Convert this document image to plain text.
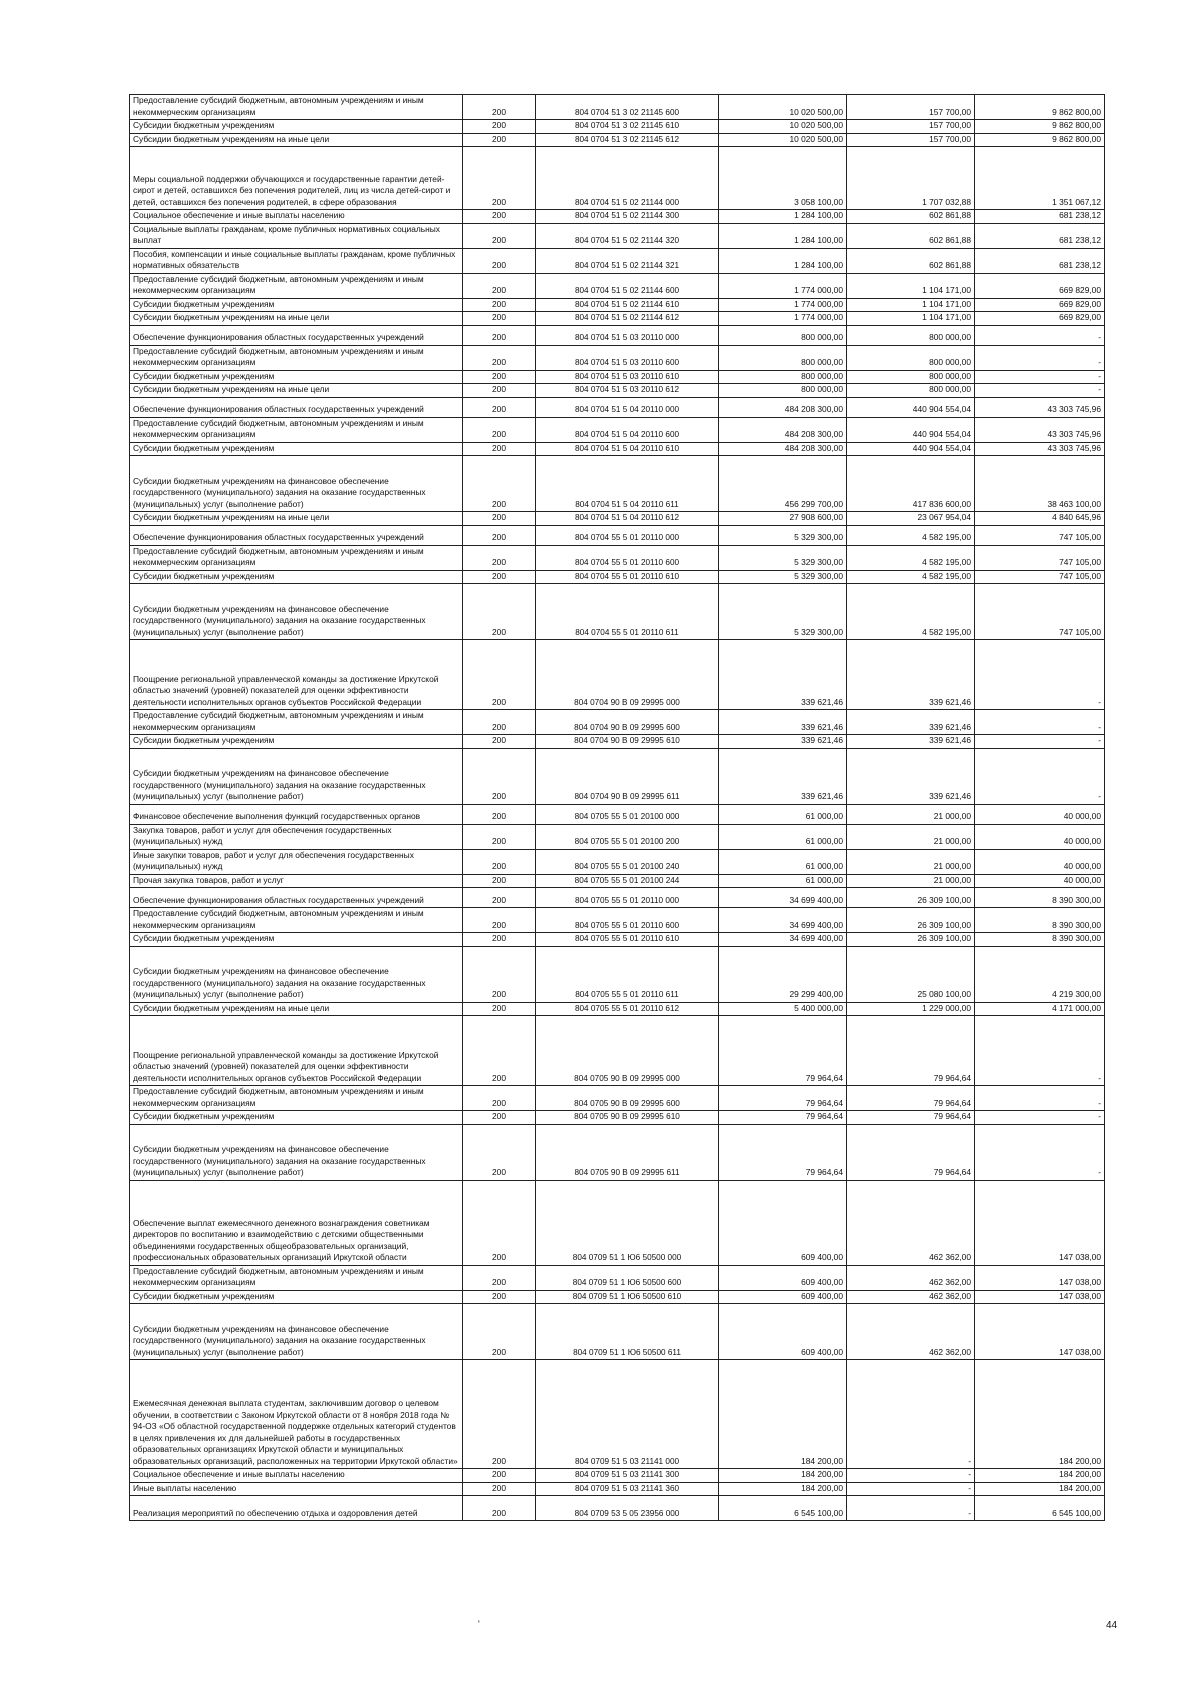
Предоставление субсидий бюджетным, автономным учреждениям и иным некоммерческим организациям	200	804 0704 51 3 02 21145 600	10 020 500,00	157 700,00	9 862 800,00
Субсидии бюджетным учреждениям	200	804 0704 51 3 02 21145 610	10 020 500,00	157 700,00	9 862 800,00
Субсидии бюджетным учреждениям на иные цели	200	804 0704 51 3 02 21145 612	10 020 500,00	157 700,00	9 862 800,00
Меры социальной поддержки обучающихся и государственные гарантии детей-сирот и детей, оставшихся без попечения родителей, лиц из числа детей-сирот и детей, оставшихся без попечения родителей, в сфере образования	200	804 0704 51 5 02 21144 000	3 058 100,00	1 707 032,88	1 351 067,12
Социальное обеспечение и иные выплаты населению	200	804 0704 51 5 02 21144 300	1 284 100,00	602 861,88	681 238,12
Социальные выплаты гражданам, кроме публичных нормативных социальных выплат	200	804 0704 51 5 02 21144 320	1 284 100,00	602 861,88	681 238,12
Пособия, компенсации и иные социальные выплаты гражданам, кроме публичных нормативных обязательств	200	804 0704 51 5 02 21144 321	1 284 100,00	602 861,88	681 238,12
Предоставление субсидий бюджетным, автономным учреждениям и иным некоммерческим организациям	200	804 0704 51 5 02 21144 600	1 774 000,00	1 104 171,00	669 829,00
Субсидии бюджетным учреждениям	200	804 0704 51 5 02 21144 610	1 774 000,00	1 104 171,00	669 829,00
Субсидии бюджетным учреждениям на иные цели	200	804 0704 51 5 02 21144 612	1 774 000,00	1 104 171,00	669 829,00
Обеспечение функционирования областных государственных учреждений	200	804 0704 51 5 03 20110 000	800 000,00	800 000,00	-
Предоставление субсидий бюджетным, автономным учреждениям и иным некоммерческим организациям	200	804 0704 51 5 03 20110 600	800 000,00	800 000,00	-
Субсидии бюджетным учреждениям	200	804 0704 51 5 03 20110 610	800 000,00	800 000,00	-
Субсидии бюджетным учреждениям на иные цели	200	804 0704 51 5 03 20110 612	800 000,00	800 000,00	-
Обеспечение функционирования областных государственных учреждений	200	804 0704 51 5 04 20110 000	484 208 300,00	440 904 554,04	43 303 745,96
Предоставление субсидий бюджетным, автономным учреждениям и иным некоммерческим организациям	200	804 0704 51 5 04 20110 600	484 208 300,00	440 904 554,04	43 303 745,96
Субсидии бюджетным учреждениям	200	804 0704 51 5 04 20110 610	484 208 300,00	440 904 554,04	43 303 745,96
Субсидии бюджетным учреждениям на финансовое обеспечение государственного (муниципального) задания на оказание государственных (муниципальных) услуг (выполнение работ)	200	804 0704 51 5 04 20110 611	456 299 700,00	417 836 600,00	38 463 100,00
Субсидии бюджетным учреждениям на иные цели	200	804 0704 51 5 04 20110 612	27 908 600,00	23 067 954,04	4 840 645,96
Обеспечение функционирования областных государственных учреждений	200	804 0704 55 5 01 20110 000	5 329 300,00	4 582 195,00	747 105,00
Предоставление субсидий бюджетным, автономным учреждениям и иным некоммерческим организациям	200	804 0704 55 5 01 20110 600	5 329 300,00	4 582 195,00	747 105,00
Субсидии бюджетным учреждениям	200	804 0704 55 5 01 20110 610	5 329 300,00	4 582 195,00	747 105,00
Субсидии бюджетным учреждениям на финансовое обеспечение государственного (муниципального) задания на оказание государственных (муниципальных) услуг (выполнение работ)	200	804 0704 55 5 01 20110 611	5 329 300,00	4 582 195,00	747 105,00
Поощрение региональной управленческой команды за достижение Иркутской областью значений (уровней) показателей для оценки эффективности деятельности исполнительных органов субъектов Российской Федерации	200	804 0704 90 В 09 29995 000	339 621,46	339 621,46	-
Предоставление субсидий бюджетным, автономным учреждениям и иным некоммерческим организациям	200	804 0704 90 В 09 29995 600	339 621,46	339 621,46	-
Субсидии бюджетным учреждениям	200	804 0704 90 В 09 29995 610	339 621,46	339 621,46	-
Субсидии бюджетным учреждениям на финансовое обеспечение государственного (муниципального) задания на оказание государственных (муниципальных) услуг (выполнение работ)	200	804 0704 90 В 09 29995 611	339 621,46	339 621,46	-
Финансовое обеспечение выполнения функций государственных органов	200	804 0705 55 5 01 20100 000	61 000,00	21 000,00	40 000,00
Закупка товаров, работ и услуг для обеспечения государственных (муниципальных) нужд	200	804 0705 55 5 01 20100 200	61 000,00	21 000,00	40 000,00
Иные закупки товаров, работ и услуг для обеспечения государственных (муниципальных) нужд	200	804 0705 55 5 01 20100 240	61 000,00	21 000,00	40 000,00
Прочая закупка товаров, работ и услуг	200	804 0705 55 5 01 20100 244	61 000,00	21 000,00	40 000,00
Обеспечение функционирования областных государственных учреждений	200	804 0705 55 5 01 20110 000	34 699 400,00	26 309 100,00	8 390 300,00
Предоставление субсидий бюджетным, автономным учреждениям и иным некоммерческим организациям	200	804 0705 55 5 01 20110 600	34 699 400,00	26 309 100,00	8 390 300,00
Субсидии бюджетным учреждениям	200	804 0705 55 5 01 20110 610	34 699 400,00	26 309 100,00	8 390 300,00
Субсидии бюджетным учреждениям на финансовое обеспечение государственного (муниципального) задания на оказание государственных (муниципальных) услуг (выполнение работ)	200	804 0705 55 5 01 20110 611	29 299 400,00	25 080 100,00	4 219 300,00
Субсидии бюджетным учреждениям на иные цели	200	804 0705 55 5 01 20110 612	5 400 000,00	1 229 000,00	4 171 000,00
Поощрение региональной управленческой команды за достижение Иркутской областью значений (уровней) показателей для оценки эффективности деятельности исполнительных органов субъектов Российской Федерации	200	804 0705 90 В 09 29995 000	79 964,64	79 964,64	-
Предоставление субсидий бюджетным, автономным учреждениям и иным некоммерческим организациям	200	804 0705 90 В 09 29995 600	79 964,64	79 964,64	-
Субсидии бюджетным учреждениям	200	804 0705 90 В 09 29995 610	79 964,64	79 964,64	-
Субсидии бюджетным учреждениям на финансовое обеспечение государственного (муниципального) задания на оказание государственных (муниципальных) услуг (выполнение работ)	200	804 0705 90 В 09 29995 611	79 964,64	79 964,64	-
Обеспечение выплат ежемесячного денежного вознаграждения советникам директоров по воспитанию и взаимодействию с детскими общественными объединениями государственных общеобразовательных организаций, профессиональных образовательных организаций Иркутской области	200	804 0709 51 1 Ю6 50500 000	609 400,00	462 362,00	147 038,00
Предоставление субсидий бюджетным, автономным учреждениям и иным некоммерческим организациям	200	804 0709 51 1 Ю6 50500 600	609 400,00	462 362,00	147 038,00
Субсидии бюджетным учреждениям	200	804 0709 51 1 Ю6 50500 610	609 400,00	462 362,00	147 038,00
Субсидии бюджетным учреждениям на финансовое обеспечение государственного (муниципального) задания на оказание государственных (муниципальных) услуг (выполнение работ)	200	804 0709 51 1 Ю6 50500 611	609 400,00	462 362,00	147 038,00
Ежемесячная денежная выплата студентам, заключившим договор о целевом обучении, в соответствии с Законом Иркутской области от 8 ноября 2018 года № 94-ОЗ «Об областной государственной поддержке отдельных категорий студентов в целях привлечения их для дальнейшей работы в государственных образовательных организациях Иркутской области и муниципальных образовательных организаций, расположенных на территории Иркутской области»	200	804 0709 51 5 03 21141 000	184 200,00	-	184 200,00
Социальное обеспечение и иные выплаты населению	200	804 0709 51 5 03 21141 300	184 200,00	-	184 200,00
Иные выплаты населению	200	804 0709 51 5 03 21141 360	184 200,00	-	184 200,00
Реализация мероприятий по обеспечению отдыха и оздоровления детей	200	804 0709 53 5 05 23956 000	6 545 100,00	-	6 545 100,00
'	44
